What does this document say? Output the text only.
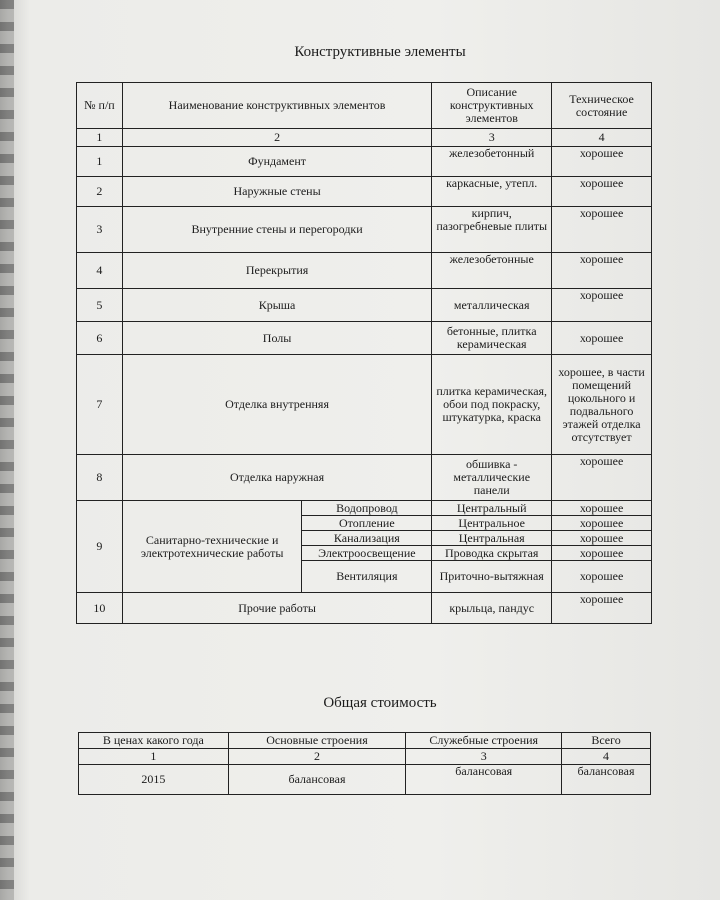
Конструктивные элементы
№ п/п	Наименование конструктивных элементов		Описание конструктивных элементов	Техническое состояние
1	2		3	4
1	Фундамент		железобетонный	хорошее
2	Наружные стены		каркасные, утепл.	хорошее
3	Внутренние стены и перегородки		кирпич, пазогребневые плиты	хорошее
4	Перекрытия		железобетонные	хорошее
5	Крыша		металлическая	хорошее
6	Полы		бетонные, плитка керамическая	хорошее
7	Отделка внутренняя		плитка керамическая, обои под покраску, штукатурка, краска	хорошее, в части помещений цокольного и подвального этажей отделка отсутствует
8	Отделка наружная		обшивка - металлические панели	хорошее
9	Санитарно-технические и электротехнические работы	Водопровод	Центральный	хорошее
		Отопление	Центральное	хорошее
		Канализация	Центральная	хорошее
		Электроосвещение	Проводка скрытая	хорошее
		Вентиляция	Приточно-вытяжная	хорошее
10	Прочие работы		крыльца, пандус	хорошее
Общая стоимость
В ценах какого года	Основные строения	Служебные строения	Всего
1	2	3	4
2015	балансовая	балансовая	балансовая
